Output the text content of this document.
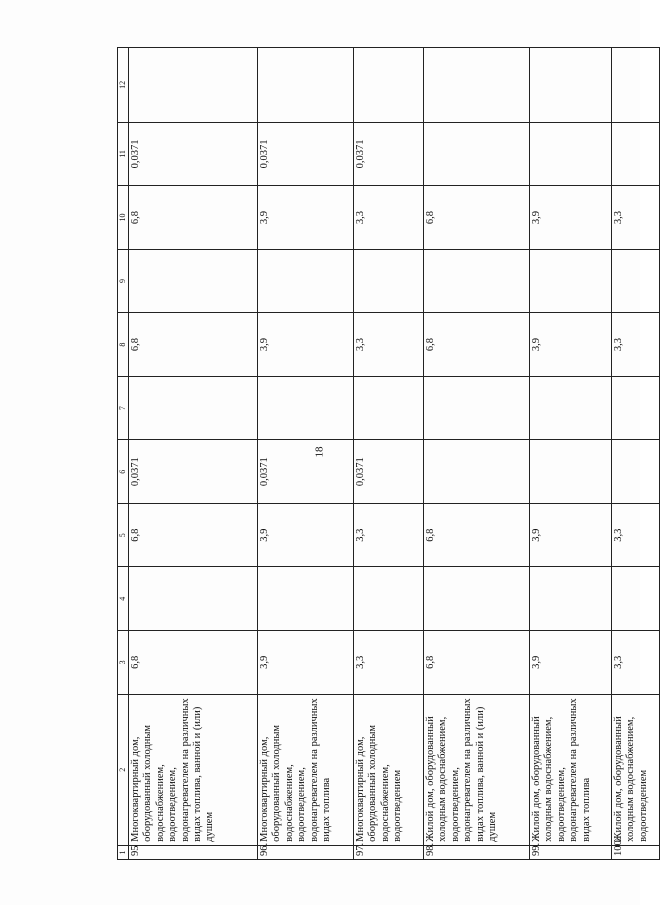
18
1	2	3	4	5	6	7	8	9	10	11	12
95	Многоквартирный дом, оборудованный холодным водоснабжением, водоотведением, водонагревателем на различных видах топлива, ванной и (или) душем	6,8		6,8	0,0371		6,8		6,8	0,0371	
96.	Многоквартирный дом, оборудованный холодным водоснабжением, водоотведением, водонагревателем на различных видах топлива	3,9		3,9	0,0371		3,9		3,9	0,0371	
97.	Многоквартирный дом, оборудованный холодным водоснабжением, водоотведением	3,3		3,3	0,0371		3,3		3,3	0,0371	
98.	Жилой дом, оборудованный холодным водоснабжением, водоотведением, водонагревателем на различных видах топлива, ванной и (или) душем	6,8		6,8			6,8		6,8		
99.	Жилой дом, оборудованный холодным водоснабжением, водоотведением, водонагревателем на различных видах топлива	3,9		3,9			3,9		3,9		
100.	Жилой дом, оборудованный холодным водоснабжением, водоотведением	3,3		3,3			3,3		3,3		
